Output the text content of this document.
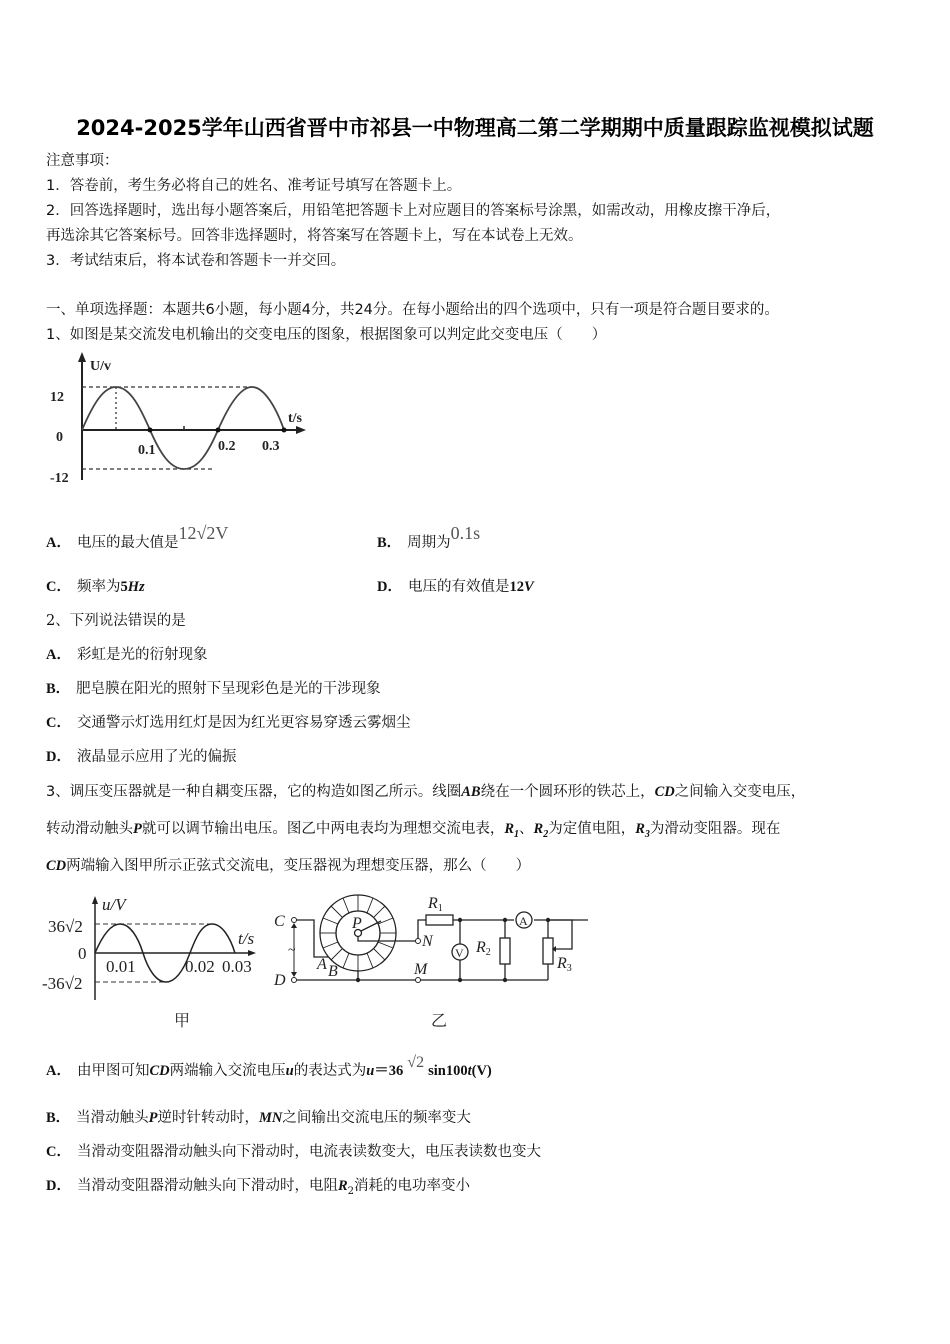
2024-2025学年山西省晋中市祁县一中物理高二第二学期期中质量跟踪监视模拟试题
注意事项：
1．答卷前，考生务必将自己的姓名、准考证号填写在答题卡上。
2．回答选择题时，选出每小题答案后，用铅笔把答题卡上对应题目的答案标号涂黑，如需改动，用橡皮擦干净后，
再选涂其它答案标号。回答非选择题时，将答案写在答题卡上，写在本试卷上无效。
3．考试结束后，将本试卷和答题卡一并交回。
一、单项选择题：本题共6小题，每小题4分，共24分。在每小题给出的四个选项中，只有一项是符合题目要求的。
1、如图是某交流发电机输出的交变电压的图象，根据图象可以判定此交变电压（　　）
U/v
t/s
12
0
-12
0.1	0.2 0.3
A． 电压的最大值是12√2V	B． 周期为0.1s
C． 频率为5Hz	D． 电压的有效值是12V
2、下列说法错误的是
A． 彩虹是光的衍射现象
B． 肥皂膜在阳光的照射下呈现彩色是光的干涉现象
C． 交通警示灯选用红灯是因为红光更容易穿透云雾烟尘
D． 液晶显示应用了光的偏振
3、调压变压器就是一种自耦变压器，它的构造如图乙所示。线圈AB绕在一个圆环形的铁芯上，CD之间输入交变电压，
转动滑动触头P就可以调节输出电压。图乙中两电表均为理想交流电表，$R_1$、$R_2$为定值电阻，$R_3$为滑动变阻器。现在
CD两端输入图甲所示正弦式交流电，变压器视为理想变压器，那么（　　）
u/V
t/s
36√2
0
-36√2
0.01	0.02 0.03
甲
C
D
A B
P
N
M
R1
R2
R3
A
V
~
乙
A． 由甲图可知CD两端输入交流电压u的表达式为u＝36 √2 sin100t(V)
B． 当滑动触头P逆时针转动时，MN之间输出交流电压的频率变大
C． 当滑动变阻器滑动触头向下滑动时，电流表读数变大，电压表读数也变大
D． 当滑动变阻器滑动触头向下滑动时，电阻$R_2$消耗的电功率变小
